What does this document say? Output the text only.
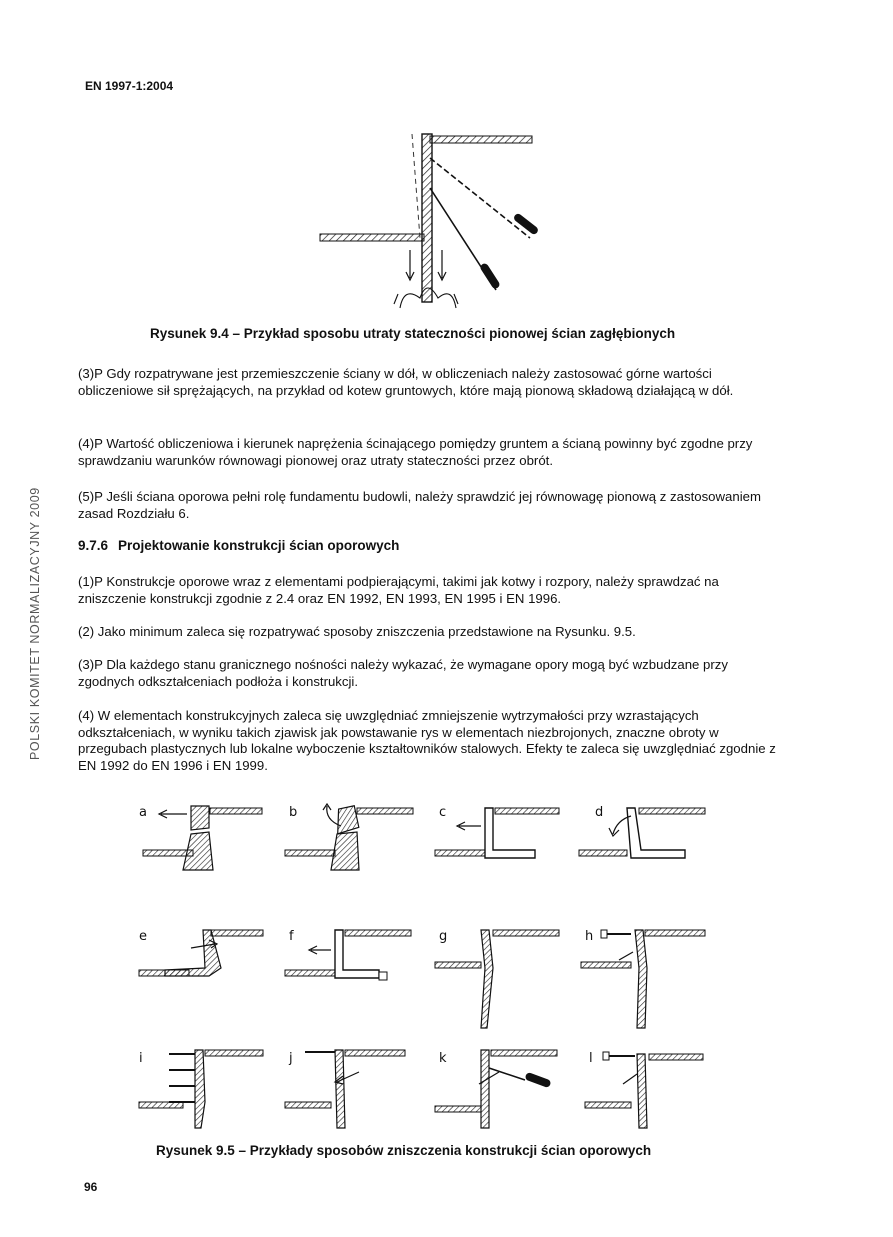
EN 1997-1:2004
POLSKI KOMITET NORMALIZACYJNY 2009
Rysunek 9.4 – Przykład sposobu utraty stateczności pionowej ścian zagłębionych
(3)P Gdy rozpatrywane jest przemieszczenie ściany w dół, w obliczeniach należy zastosować górne wartości obliczeniowe sił sprężających, na przykład od kotew gruntowych, które mają pionową składową działającą w dół.
(4)P Wartość obliczeniowa i kierunek naprężenia ścinającego pomiędzy gruntem a ścianą powinny być zgodne przy sprawdzaniu warunków równowagi pionowej oraz utraty stateczności przez obrót.
(5)P Jeśli ściana oporowa pełni rolę fundamentu budowli, należy sprawdzić jej równowagę pionową z zastosowaniem zasad Rozdziału 6.
9.7.6 Projektowanie konstrukcji ścian oporowych
(1)P Konstrukcje oporowe wraz z elementami podpierającymi, takimi jak kotwy i rozpory, należy sprawdzać na zniszczenie konstrukcji zgodnie z 2.4 oraz EN 1992, EN 1993, EN 1995 i EN 1996.
(2) Jako minimum zaleca się rozpatrywać sposoby zniszczenia przedstawione na Rysunku. 9.5.
(3)P Dla każdego stanu granicznego nośności należy wykazać, że wymagane opory mogą być wzbudzane przy zgodnych odkształceniach podłoża i konstrukcji.
(4) W elementach konstrukcyjnych zaleca się uwzględniać zmniejszenie wytrzymałości przy wzrastających odkształceniach, w wyniku takich zjawisk jak powstawanie rys w elementach niezbrojonych, znaczne obroty w przegubach plastycznych lub lokalne wyboczenie kształtowników stalowych. Efekty te zaleca się uwzględniać zgodnie z EN 1992 do EN 1996 i EN 1999.
a	b	c	d
e	f	g	h
i	j	k	l
Rysunek 9.5 – Przykłady sposobów zniszczenia konstrukcji ścian oporowych
96
